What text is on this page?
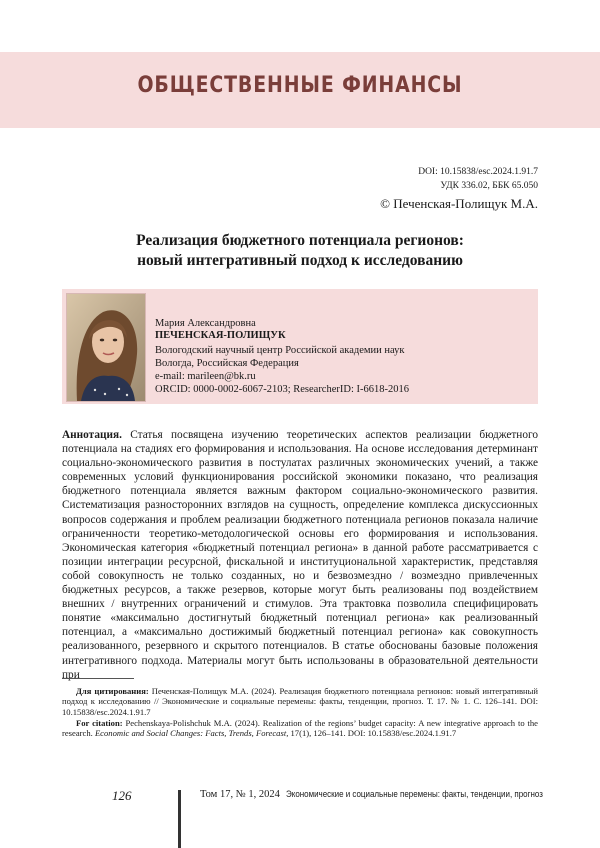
ОБЩЕСТВЕННЫЕ ФИНАНСЫ
DOI: 10.15838/esc.2024.1.91.7
УДК 336.02, ББК 65.050
© Печенская-Полищук М.А.
Реализация бюджетного потенциала регионов:
новый интегративный подход к исследованию
Мария Александровна
ПЕЧЕНСКАЯ-ПОЛИЩУК
Вологодский научный центр Российской академии наук
Вологда, Российская Федерация
e-mail: marileen@bk.ru
ORCID: 0000-0002-6067-2103; ResearcherID: I-6618-2016

Аннотация. Статья посвящена изучению теоретических аспектов реализации бюджетного потенциала на стадиях его формирования и использования. На основе исследования детерминант социально-экономического развития в постулатах различных экономических учений, а также современных условий функционирования российской экономики показано, что реализация бюджетного потенциала является важным фактором социально-экономического развития. Систематизация разносторонних взглядов на сущность, определение комплекса дискуссионных вопросов содержания и проблем реализации бюджетного потенциала регионов показала наличие ограниченности теоретико-методологической основы его формирования и использования. Экономическая категория «бюджетный потенциал региона» в данной работе рассматривается с позиции интеграции ресурсной, фискальной и институциональной характеристик, представляя собой совокупность не только созданных, но и безвозмездно / возмездно привлеченных бюджетных ресурсов, а также резервов, которые могут быть реализованы под воздействием внешних / внутренних ограничений и стимулов. Эта трактовка позволила специфицировать понятие «максимально достигнутый бюджетный потенциал региона» как реализованный потенциал, а «максимально достижимый бюджетный потенциал региона» как совокупность реализованного, резервного и скрытого потенциалов. В статье обоснованы базовые положения интегративного подхода. Материалы могут быть использованы в образовательной деятельности при

Для цитирования: Печенская-Полищук М.А. (2024). Реализация бюджетного потенциала регионов: новый интегративный подход к исследованию // Экономические и социальные перемены: факты, тенденции, прогноз. Т. 17. № 1. С. 126–141. DOI: 10.15838/esc.2024.1.91.7

For citation: Pechenskaya-Polishchuk M.A. (2024). Realization of the regions’ budget capacity: A new integrative approach to the research. Economic and Social Changes: Facts, Trends, Forecast, 17(1), 126–141. DOI: 10.15838/esc.2024.1.91.7

126	Том 17, № 1, 2024 Экономические и социальные перемены: факты, тенденции, прогноз
